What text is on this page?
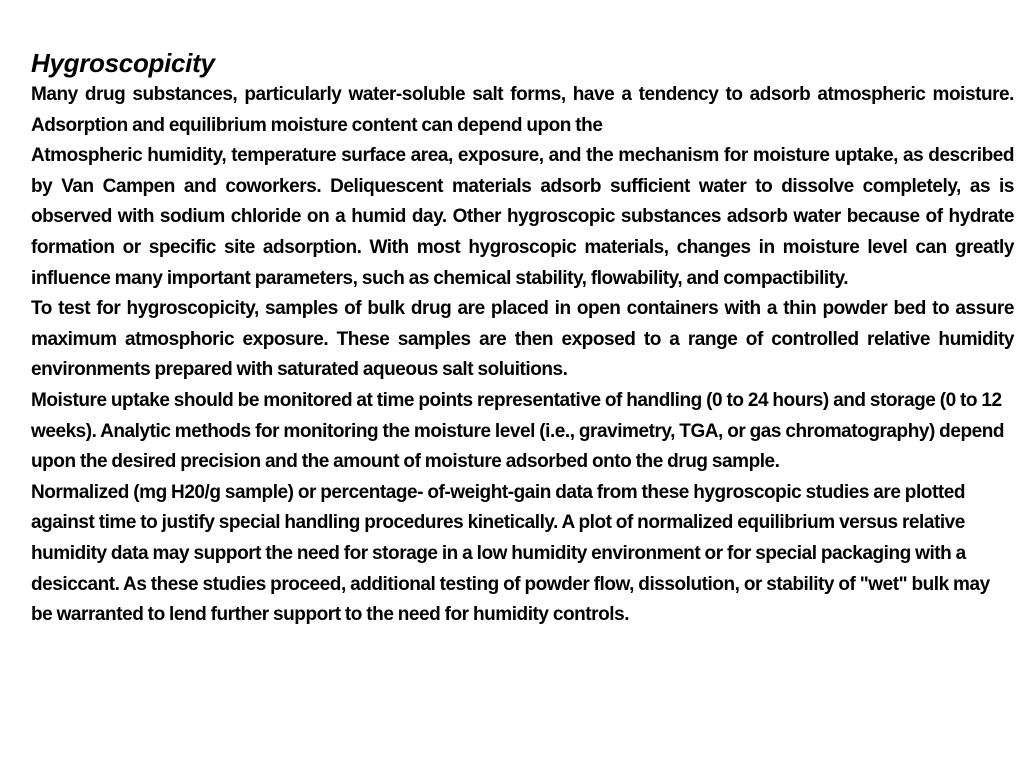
Hygroscopicity

Many drug substances, particularly water-soluble salt forms, have a tendency to adsorb atmospheric moisture. Adsorption and equilibrium moisture content can depend upon the

Atmospheric humidity, temperature surface area, exposure, and the mechanism for moisture uptake, as described by Van Campen and coworkers. Deliquescent materials adsorb sufficient water to dissolve completely, as is observed with sodium chloride on a humid day. Other hygroscopic substances adsorb water because of hydrate formation or specific site adsorption. With most hygroscopic materials, changes in moisture level can greatly influence many important parameters, such as chemical stability, flowability, and compactibility.

To test for hygroscopicity, samples of bulk drug are placed in open containers with a thin powder bed to assure maximum atmosphoric exposure. These samples are then exposed to a range of controlled relative humidity environments prepared with saturated aqueous salt soluitions.

Moisture uptake should be monitored at time points representative of handling (0 to 24 hours) and storage (0 to 12 weeks). Analytic methods for monitoring the moisture level (i.e., gravimetry, TGA, or gas chromatography) depend upon the desired precision and the amount of moisture adsorbed onto the drug sample.

Normalized (mg H20/g sample) or percentage- of-weight-gain data from these hygroscopic studies are plotted against time to justify special handling procedures kinetically. A plot of normalized equilibrium versus relative humidity data may support the need for storage in a low humidity environment or for special packaging with a desiccant. As these studies proceed, additional testing of powder flow, dissolution, or stability of "wet" bulk may be warranted to lend further support to the need for humidity controls.
